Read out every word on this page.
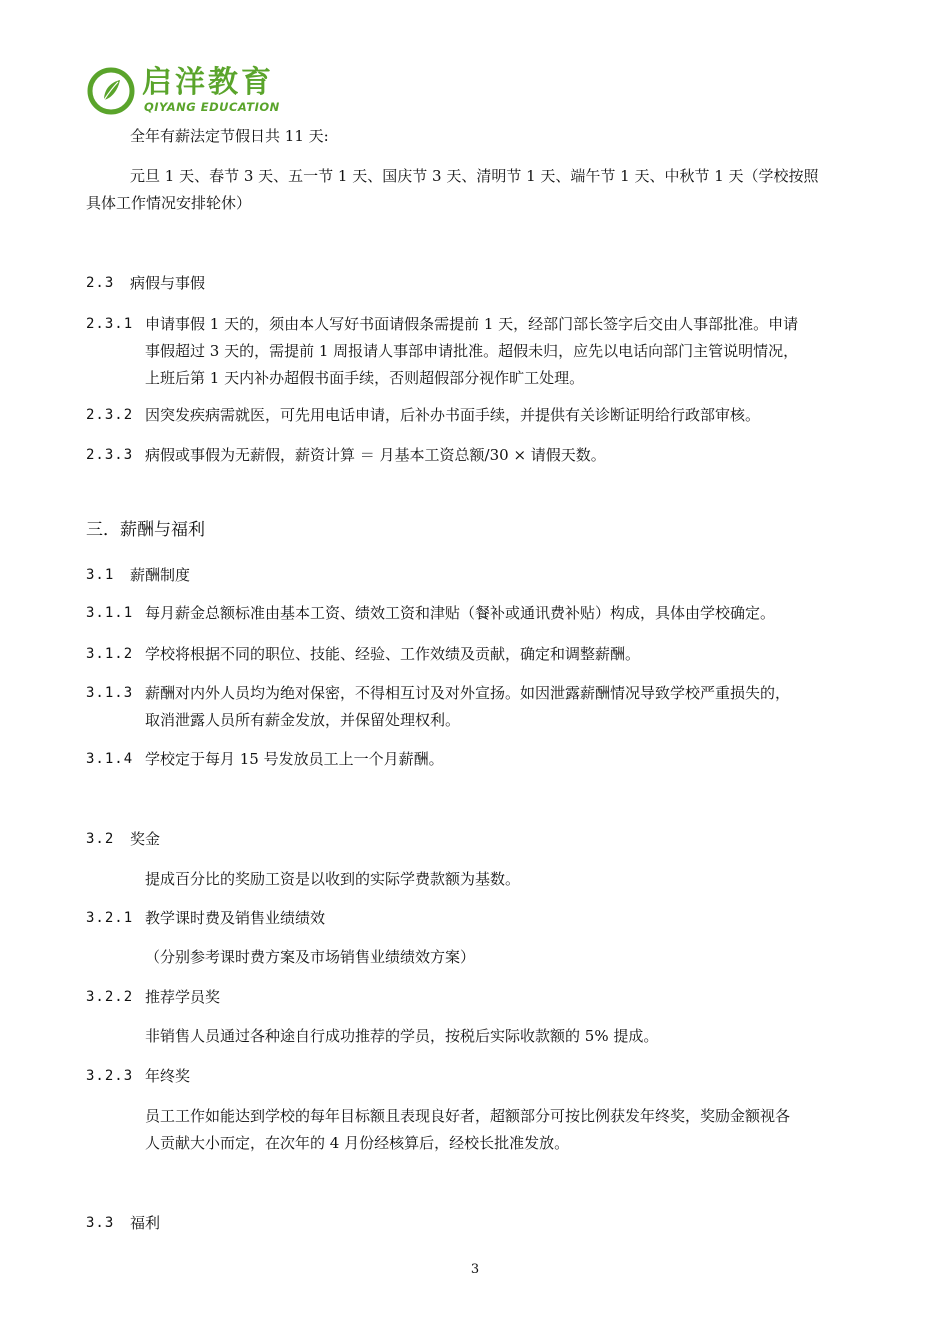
启洋教育
QIYANG EDUCATION
全年有薪法定节假日共 11 天:
元旦 1 天、春节 3 天、五一节 1 天、国庆节 3 天、清明节 1 天、端午节 1 天、中秋节 1 天（学校按照
具体工作情况安排轮休）
2.3 病假与事假
2.3.1 申请事假 1 天的，须由本人写好书面请假条需提前 1 天，经部门部长签字后交由人事部批准。申请
事假超过 3 天的，需提前 1 周报请人事部申请批准。超假未归，应先以电话向部门主管说明情况，
上班后第 1 天内补办超假书面手续，否则超假部分视作旷工处理。
2.3.2 因突发疾病需就医，可先用电话申请，后补办书面手续，并提供有关诊断证明给行政部审核。
2.3.3 病假或事假为无薪假，薪资计算 ＝ 月基本工资总额/30 × 请假天数。
三．薪酬与福利
3.1 薪酬制度
3.1.1 每月薪金总额标准由基本工资、绩效工资和津贴（餐补或通讯费补贴）构成，具体由学校确定。
3.1.2 学校将根据不同的职位、技能、经验、工作效绩及贡献，确定和调整薪酬。
3.1.3 薪酬对内外人员均为绝对保密，不得相互讨及对外宣扬。如因泄露薪酬情况导致学校严重损失的，
取消泄露人员所有薪金发放，并保留处理权利。
3.1.4 学校定于每月 15 号发放员工上一个月薪酬。
3.2 奖金
提成百分比的奖励工资是以收到的实际学费款额为基数。
3.2.1 教学课时费及销售业绩绩效
（分别参考课时费方案及市场销售业绩绩效方案）
3.2.2 推荐学员奖
非销售人员通过各种途自行成功推荐的学员，按税后实际收款额的 5% 提成。
3.2.3 年终奖
员工工作如能达到学校的每年目标额且表现良好者，超额部分可按比例获发年终奖，奖励金额视各
人贡献大小而定，在次年的 4 月份经核算后，经校长批准发放。
3.3 福利
3
